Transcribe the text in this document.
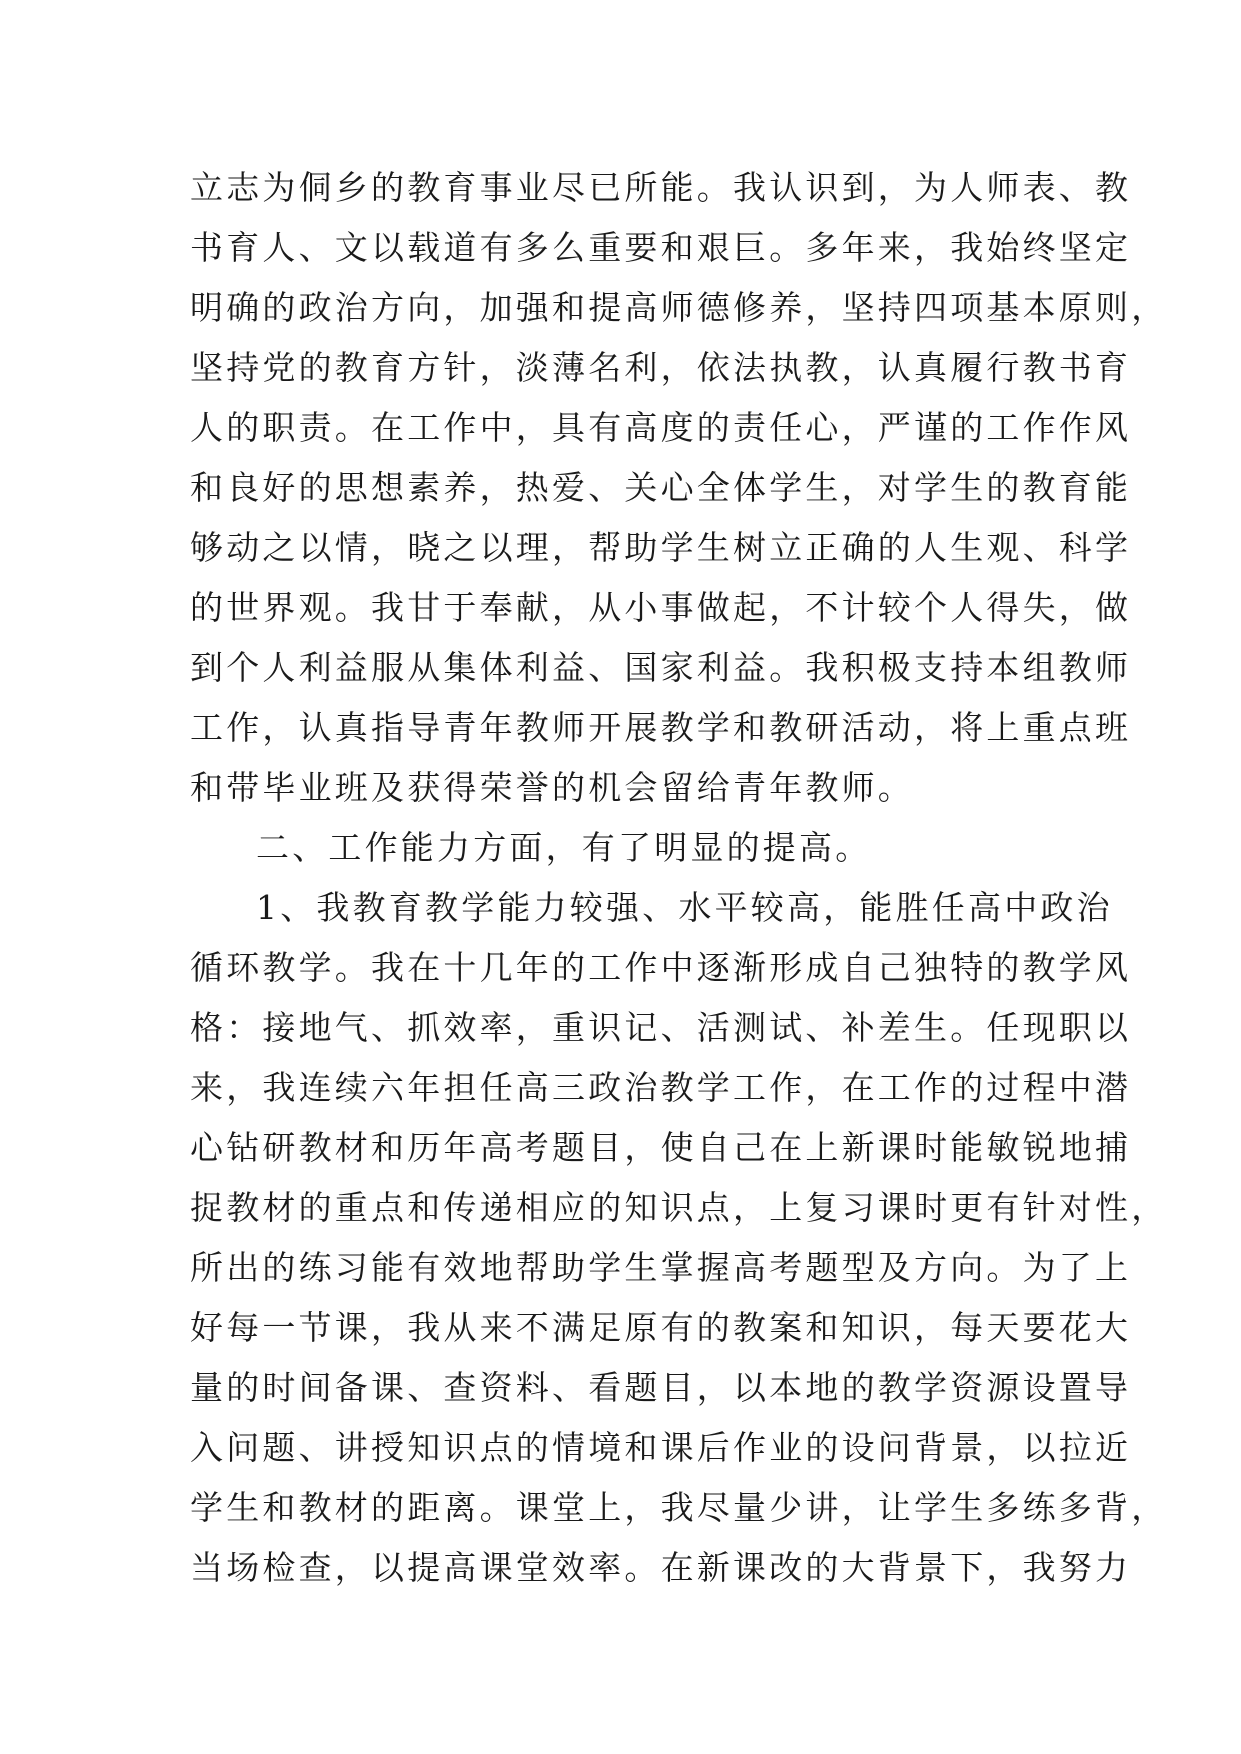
立志为侗乡的教育事业尽已所能。我认识到，为人师表、教
书育人、文以载道有多么重要和艰巨。多年来，我始终坚定
明确的政治方向，加强和提高师德修养，坚持四项基本原则，
坚持党的教育方针，淡薄名利，依法执教，认真履行教书育
人的职责。在工作中，具有高度的责任心，严谨的工作作风
和良好的思想素养，热爱、关心全体学生，对学生的教育能
够动之以情，晓之以理，帮助学生树立正确的人生观、科学
的世界观。我甘于奉献，从小事做起，不计较个人得失，做
到个人利益服从集体利益、国家利益。我积极支持本组教师
工作，认真指导青年教师开展教学和教研活动，将上重点班
和带毕业班及获得荣誉的机会留给青年教师。
二、工作能力方面，有了明显的提高。
1、我教育教学能力较强、水平较高，能胜任高中政治
循环教学。我在十几年的工作中逐渐形成自己独特的教学风
格：接地气、抓效率，重识记、活测试、补差生。任现职以
来，我连续六年担任高三政治教学工作，在工作的过程中潜
心钻研教材和历年高考题目，使自己在上新课时能敏锐地捕
捉教材的重点和传递相应的知识点，上复习课时更有针对性，
所出的练习能有效地帮助学生掌握高考题型及方向。为了上
好每一节课，我从来不满足原有的教案和知识，每天要花大
量的时间备课、查资料、看题目，以本地的教学资源设置导
入问题、讲授知识点的情境和课后作业的设问背景，以拉近
学生和教材的距离。课堂上，我尽量少讲，让学生多练多背，
当场检查，以提高课堂效率。在新课改的大背景下，我努力
